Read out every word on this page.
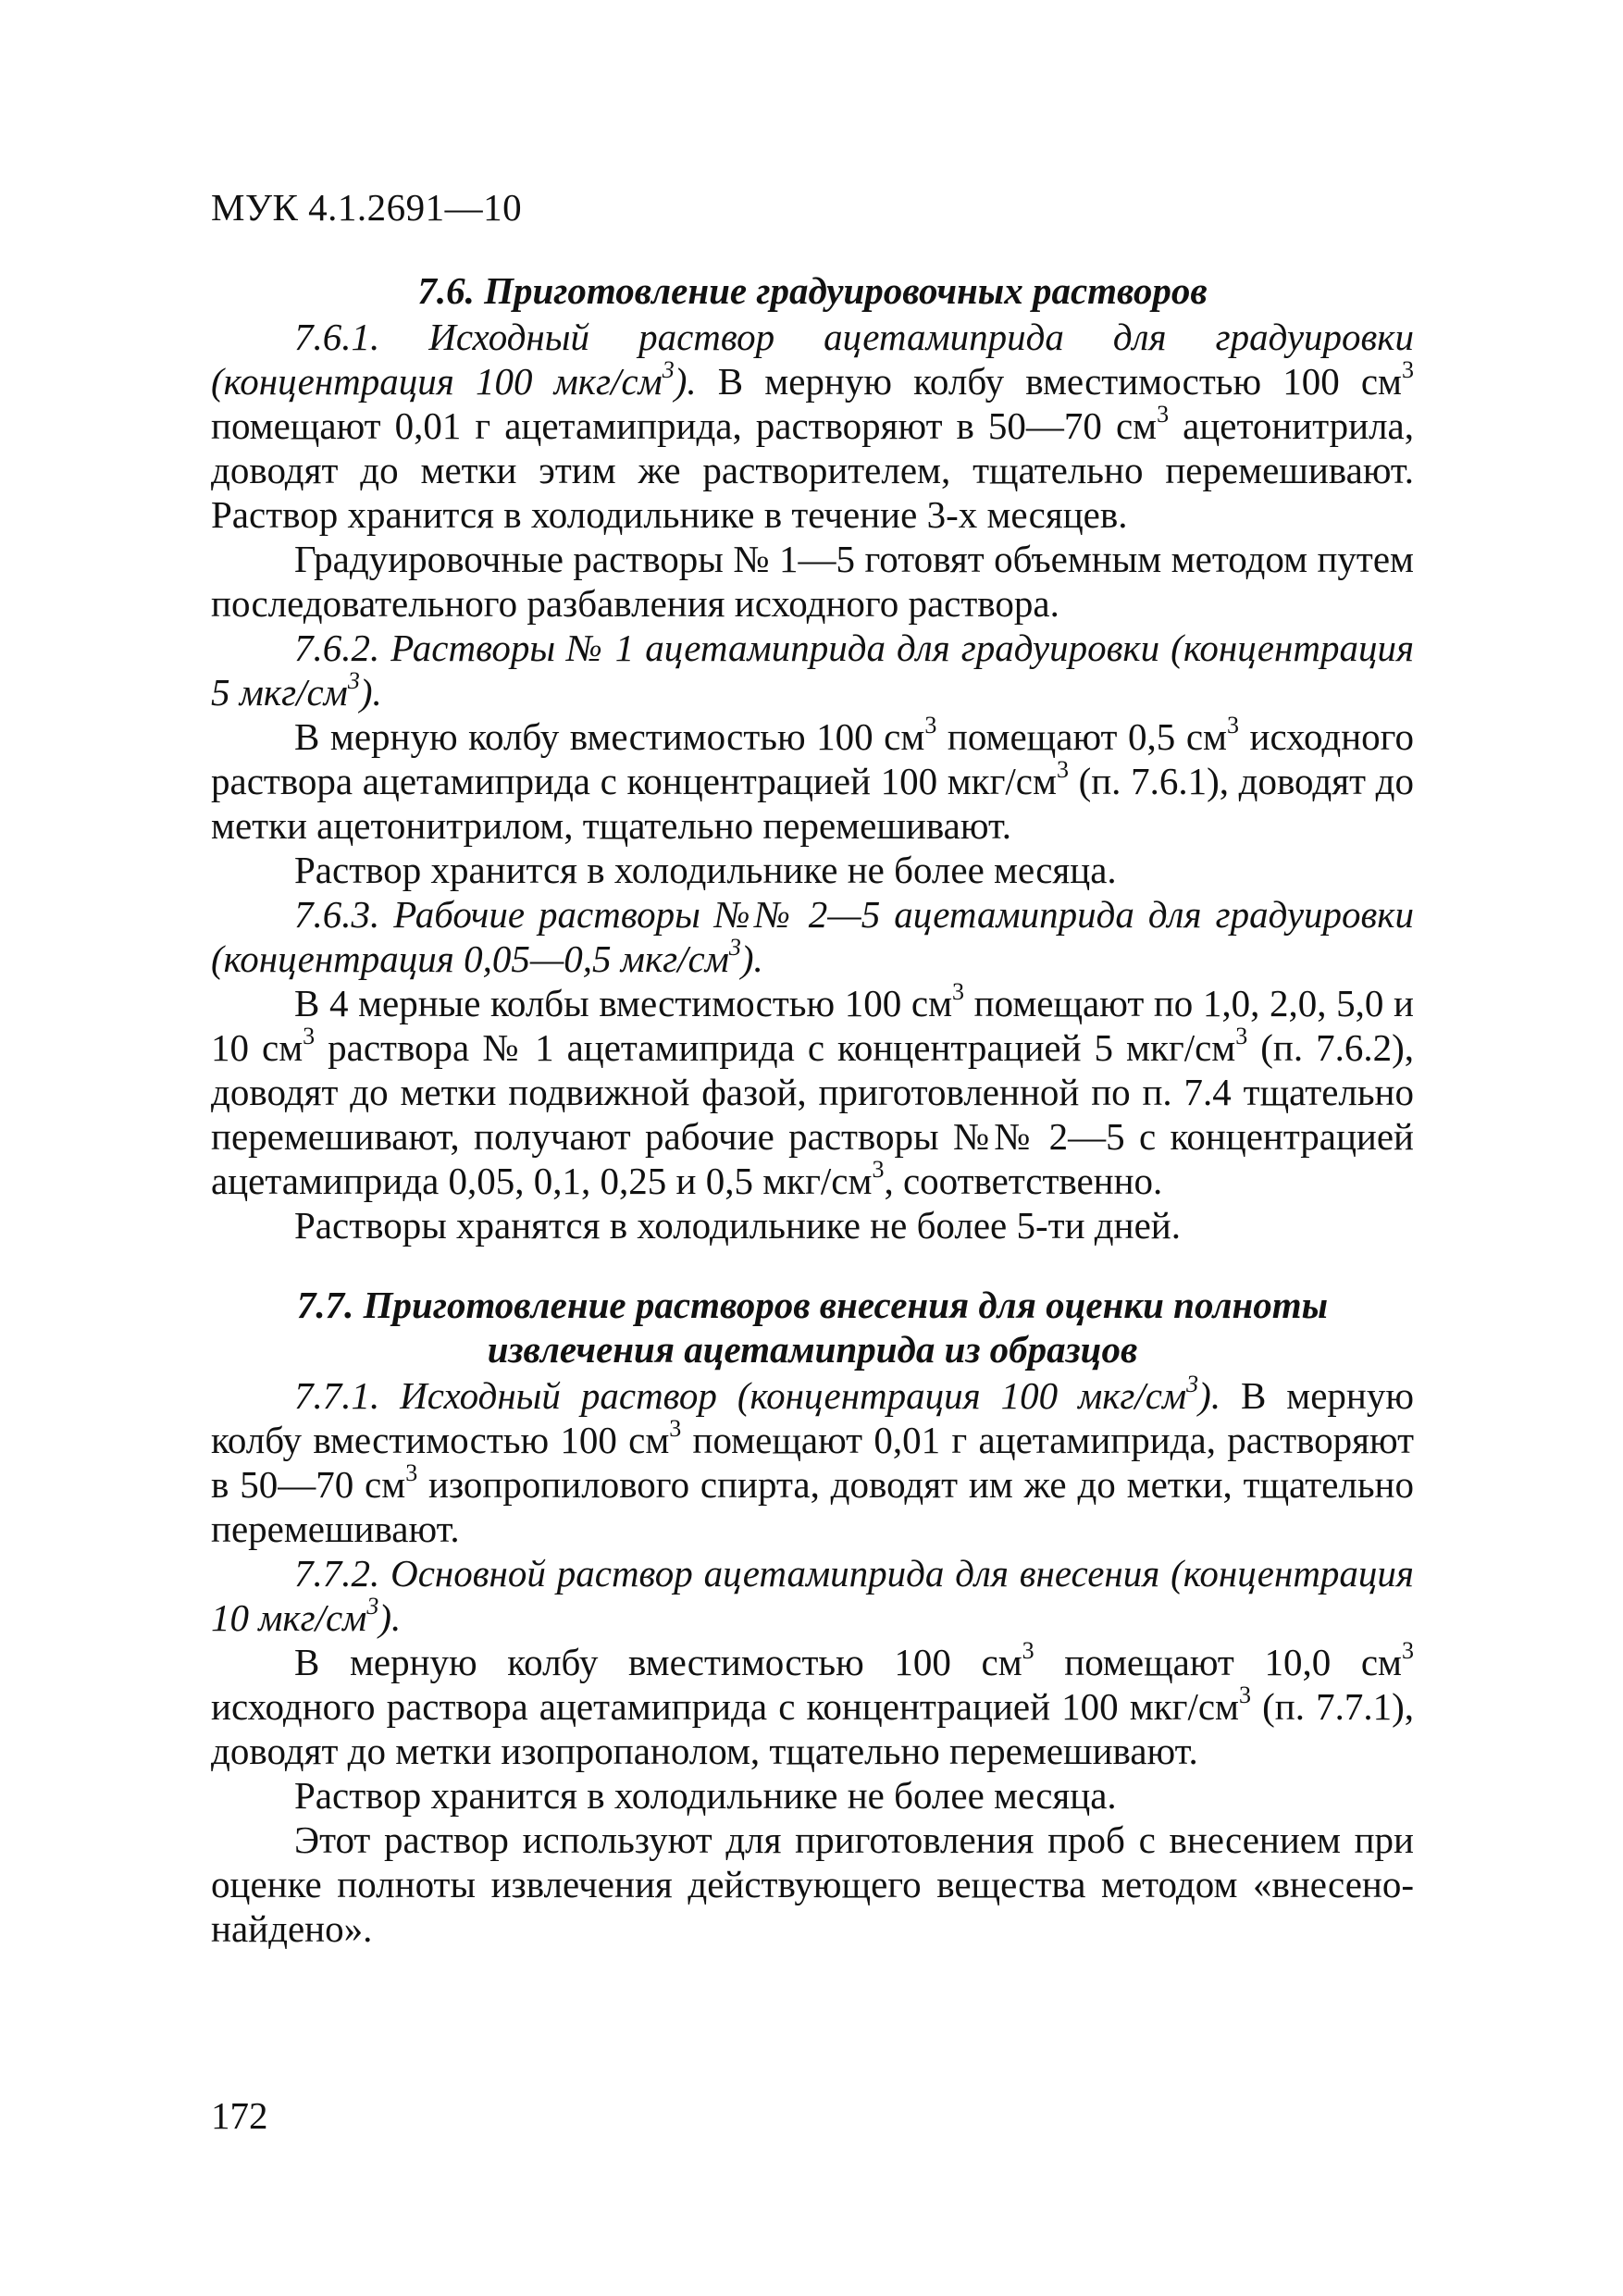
МУК 4.1.2691—10
7.6. Приготовление градуировочных растворов

7.6.1. Исходный раствор ацетамиприда для градуировки (концентрация 100 мкг/$см^3$). В мерную колбу вместимостью 100 $см^3$ помещают 0,01 г ацетамиприда, растворяют в 50—70 $см^3$ ацетонитрила, доводят до метки этим же растворителем, тщательно перемешивают. Раствор хранится в холодильнике в течение 3-х месяцев.

Градуировочные растворы № 1—5 готовят объемным методом путем последовательного разбавления исходного раствора.

7.6.2. Растворы № 1 ацетамиприда для градуировки (концентрация 5 мкг/$см^3$).

В мерную колбу вместимостью 100 $см^3$ помещают 0,5 $см^3$ исходного раствора ацетамиприда с концентрацией 100 мкг/$см^3$ (п. 7.6.1), доводят до метки ацетонитрилом, тщательно перемешивают.

Раствор хранится в холодильнике не более месяца.

7.6.3. Рабочие растворы №№ 2—5 ацетамиприда для градуировки (концентрация 0,05—0,5 мкг/$см^3$).

В 4 мерные колбы вместимостью 100 $см^3$ помещают по 1,0, 2,0, 5,0 и 10 $см^3$ раствора № 1 ацетамиприда с концентрацией 5 мкг/$см^3$ (п. 7.6.2), доводят до метки подвижной фазой, приготовленной по п. 7.4 тщательно перемешивают, получают рабочие растворы №№ 2—5 с концентрацией ацетамиприда 0,05, 0,1, 0,25 и 0,5 мкг/$см^3$, соответственно.

Растворы хранятся в холодильнике не более 5-ти дней.

7.7. Приготовление растворов внесения для оценки полноты
извлечения ацетамиприда из образцов

7.7.1. Исходный раствор (концентрация 100 мкг/$см^3$). В мерную колбу вместимостью 100 $см^3$ помещают 0,01 г ацетамиприда, растворяют в 50—70 $см^3$ изопропилового спирта, доводят им же до метки, тщательно перемешивают.

7.7.2. Основной раствор ацетамиприда для внесения (концентрация 10 мкг/$см^3$).

В мерную колбу вместимостью 100 $см^3$ помещают 10,0 $см^3$ исходного раствора ацетамиприда с концентрацией 100 мкг/$см^3$ (п. 7.7.1), доводят до метки изопропанолом, тщательно перемешивают.

Раствор хранится в холодильнике не более месяца.

Этот раствор используют для приготовления проб с внесением при оценке полноты извлечения действующего вещества методом «внесено-найдено».

172
